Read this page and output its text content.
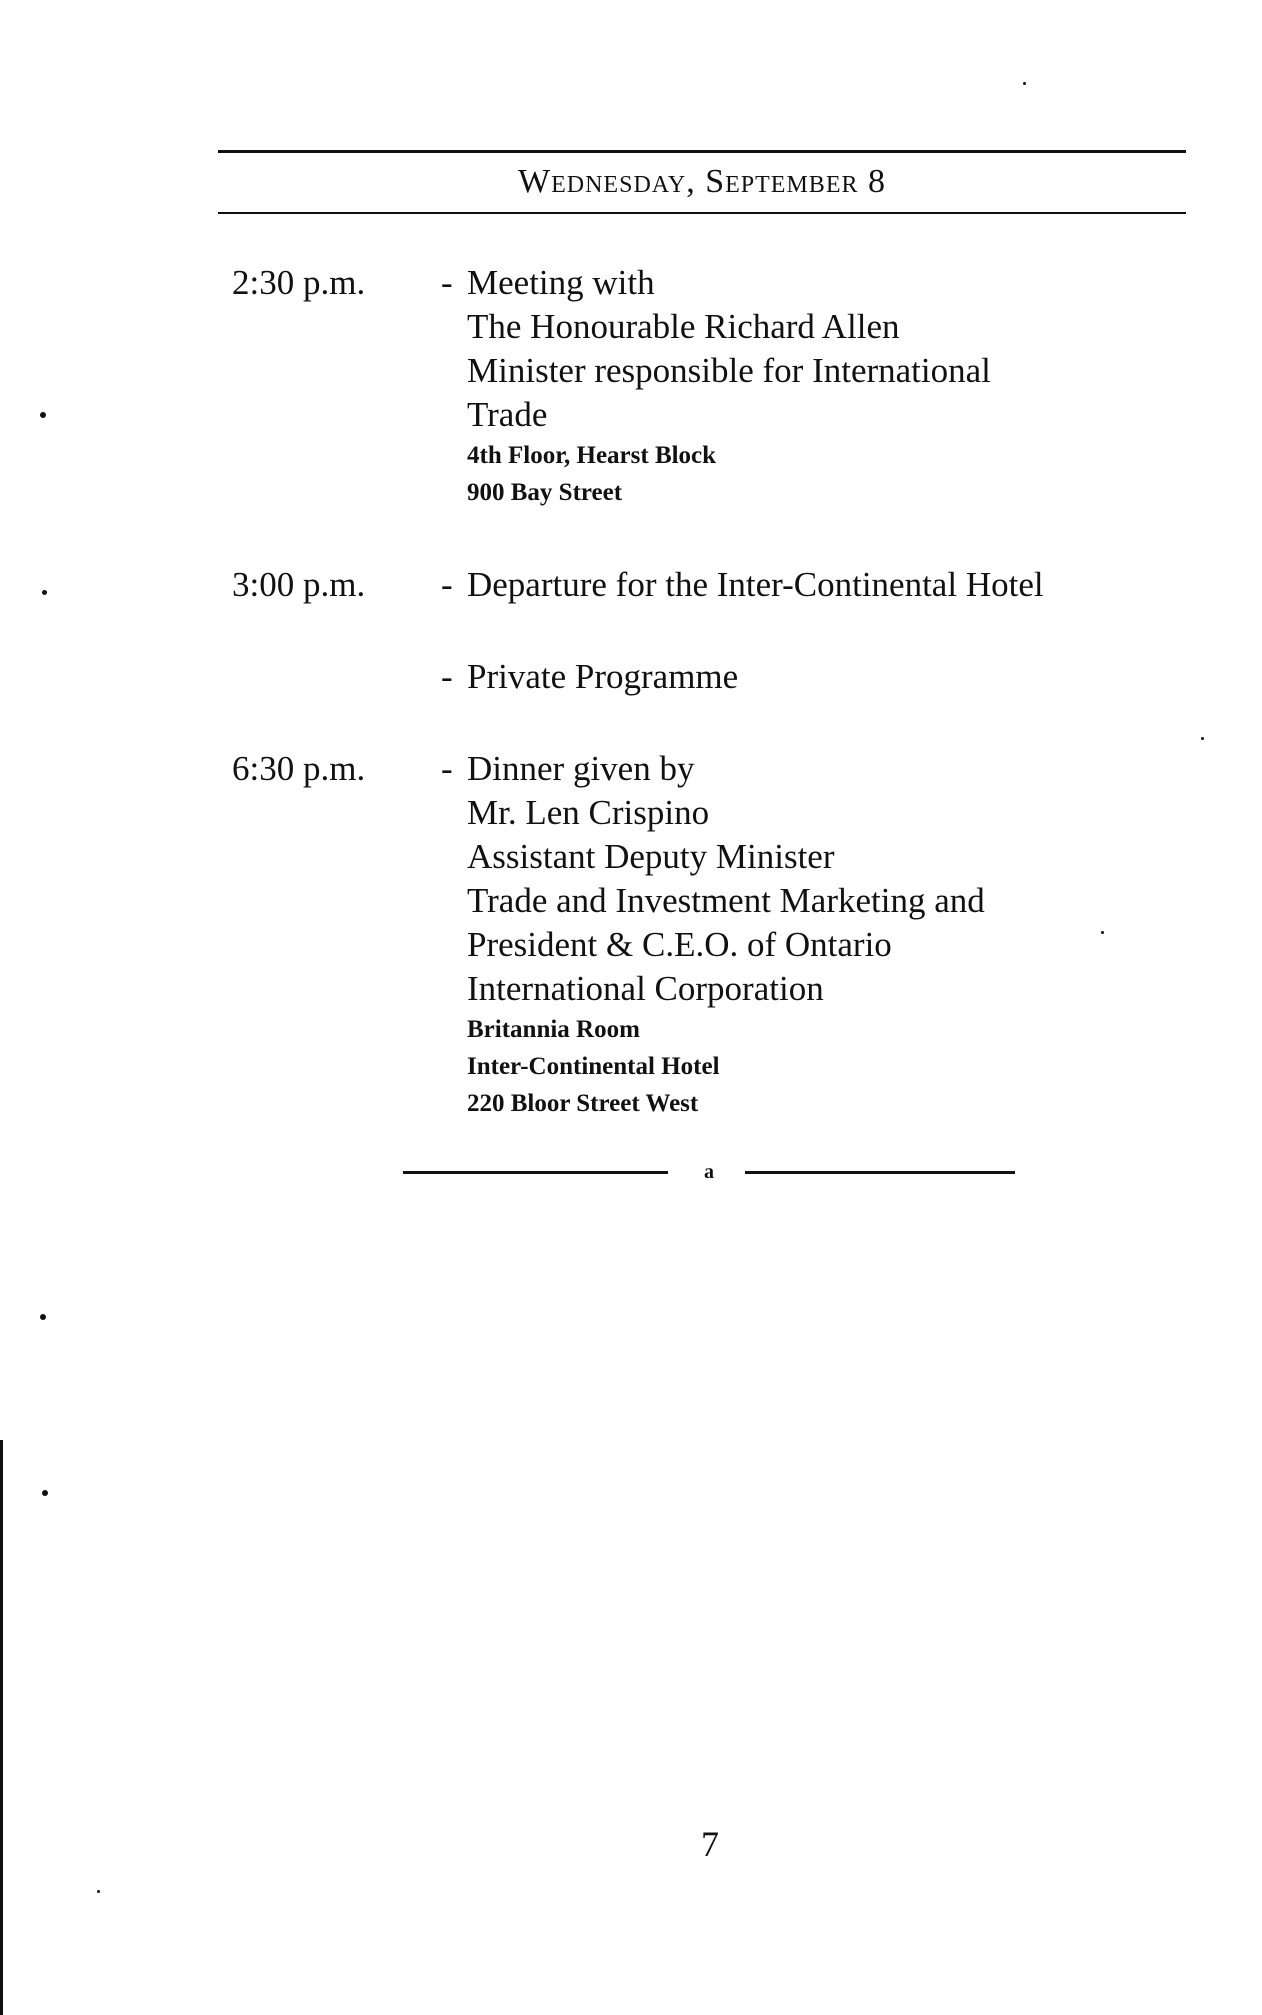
Wednesday, September 8
2:30 p.m. - Meeting with
The Honourable Richard Allen
Minister responsible for International
Trade
4th Floor, Hearst Block
900 Bay Street
3:00 p.m. - Departure for the Inter-Continental Hotel
- Private Programme
6:30 p.m. - Dinner given by
Mr. Len Crispino
Assistant Deputy Minister
Trade and Investment Marketing and
President & C.E.O. of Ontario
International Corporation
Britannia Room
Inter-Continental Hotel
220 Bloor Street West
a
7
